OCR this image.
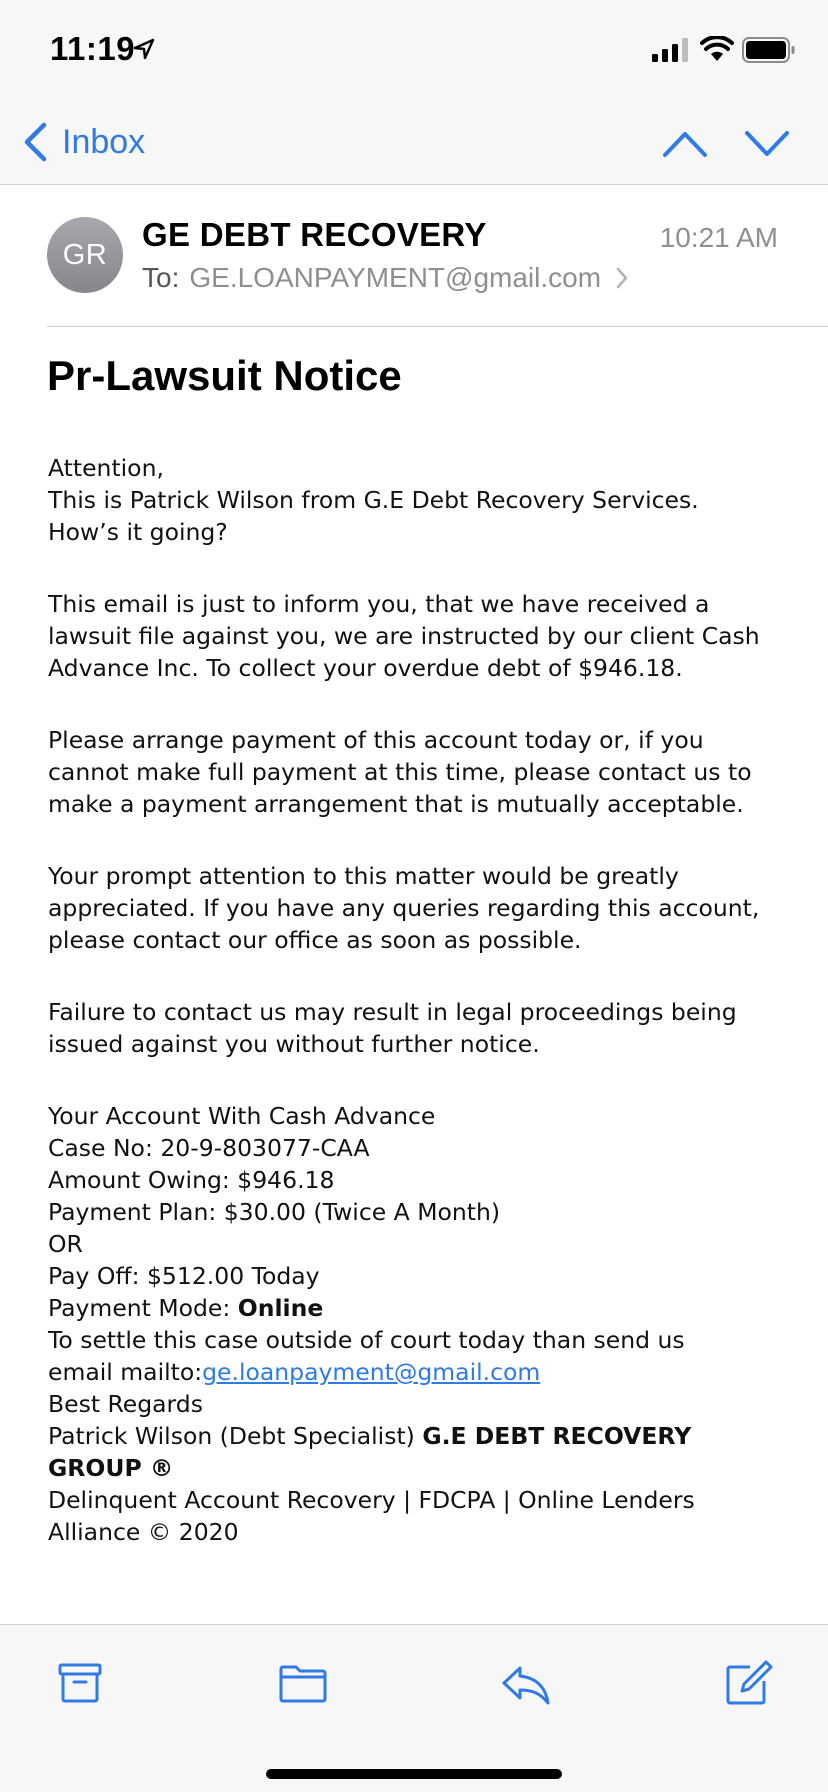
11:19
Inbox
GR
GE DEBT RECOVERY	10:21 AM
To: GE.LOANPAYMENT@gmail.com
Pr-Lawsuit Notice

Attention,
This is Patrick Wilson from G.E Debt Recovery Services.
How’s it going?

This email is just to inform you, that we have received a
lawsuit file against you, we are instructed by our client Cash
Advance Inc. To collect your overdue debt of $946.18.

Please arrange payment of this account today or, if you
cannot make full payment at this time, please contact us to
make a payment arrangement that is mutually acceptable.

Your prompt attention to this matter would be greatly
appreciated. If you have any queries regarding this account,
please contact our office as soon as possible.

Failure to contact us may result in legal proceedings being
issued against you without further notice.

Your Account With Cash Advance
Case No: 20-9-803077-CAA
Amount Owing: $946.18
Payment Plan: $30.00 (Twice A Month)
OR
Pay Off: $512.00 Today
Payment Mode: Online
To settle this case outside of court today than send us
email mailto:ge.loanpayment@gmail.com
Best Regards
Patrick Wilson (Debt Specialist) G.E DEBT RECOVERY
GROUP ®
Delinquent Account Recovery | FDCPA | Online Lenders
Alliance © 2020
